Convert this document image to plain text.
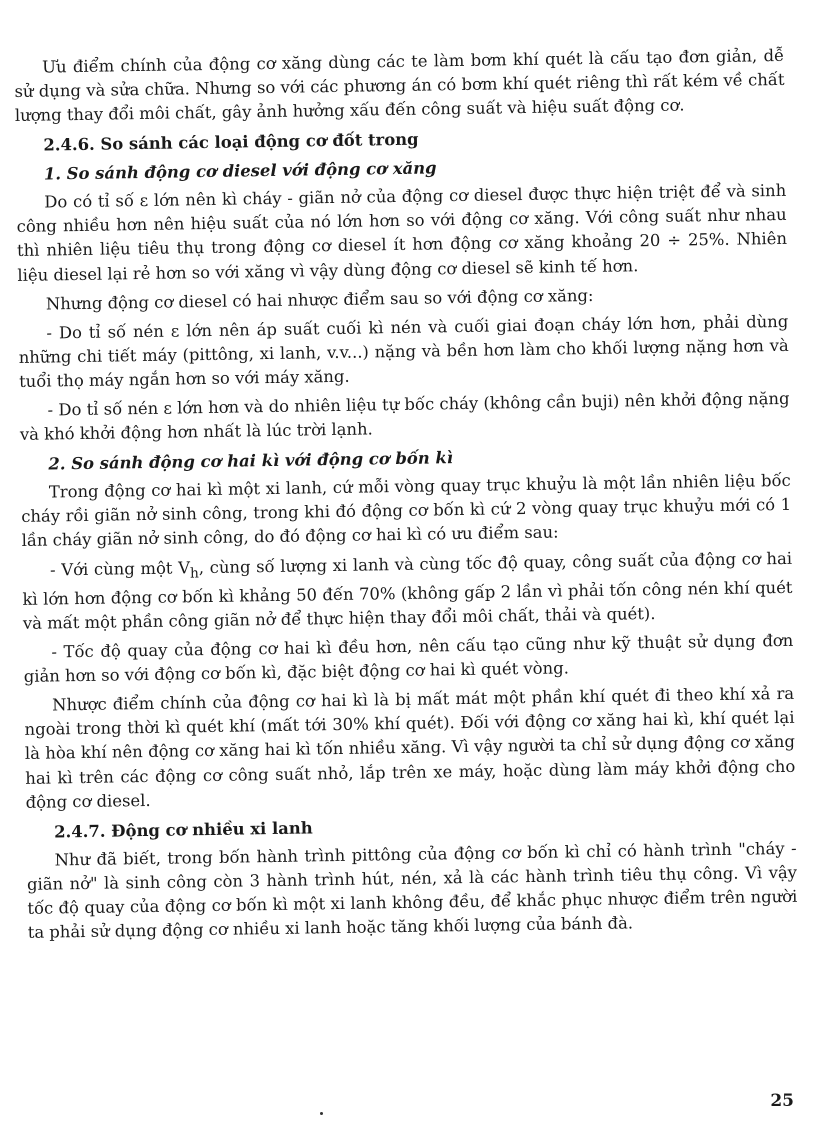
Ưu điểm chính của động cơ xăng dùng các te làm bơm khí quét là cấu tạo đơn giản, dễ sử dụng và sửa chữa. Nhưng so với các phương án có bơm khí quét riêng thì rất kém về chất lượng thay đổi môi chất, gây ảnh hưởng xấu đến công suất và hiệu suất động cơ.

2.4.6. So sánh các loại động cơ đốt trong
1. So sánh động cơ diesel với động cơ xăng

Do có tỉ số ε lớn nên kì cháy - giãn nở của động cơ diesel được thực hiện triệt để và sinh công nhiều hơn nên hiệu suất của nó lớn hơn so với động cơ xăng. Với công suất như nhau thì nhiên liệu tiêu thụ trong động cơ diesel ít hơn động cơ xăng khoảng 20 ÷ 25%. Nhiên liệu diesel lại rẻ hơn so với xăng vì vậy dùng động cơ diesel sẽ kinh tế hơn.

Nhưng động cơ diesel có hai nhược điểm sau so với động cơ xăng:

- Do tỉ số nén ε lớn nên áp suất cuối kì nén và cuối giai đoạn cháy lớn hơn, phải dùng những chi tiết máy (pittông, xi lanh, v.v...) nặng và bền hơn làm cho khối lượng nặng hơn và tuổi thọ máy ngắn hơn so với máy xăng.

- Do tỉ số nén ε lớn hơn và do nhiên liệu tự bốc cháy (không cần buji) nên khởi động nặng và khó khởi động hơn nhất là lúc trời lạnh.

2. So sánh động cơ hai kì với động cơ bốn kì

Trong động cơ hai kì một xi lanh, cứ mỗi vòng quay trục khuỷu là một lần nhiên liệu bốc cháy rồi giãn nở sinh công, trong khi đó động cơ bốn kì cứ 2 vòng quay trục khuỷu mới có 1 lần cháy giãn nở sinh công, do đó động cơ hai kì có ưu điểm sau:

- Với cùng một $V_h$, cùng số lượng xi lanh và cùng tốc độ quay, công suất của động cơ hai kì lớn hơn động cơ bốn kì khảng 50 đến 70% (không gấp 2 lần vì phải tốn công nén khí quét và mất một phần công giãn nở để thực hiện thay đổi môi chất, thải và quét).

- Tốc độ quay của động cơ hai kì đều hơn, nên cấu tạo cũng như kỹ thuật sử dụng đơn giản hơn so với động cơ bốn kì, đặc biệt động cơ hai kì quét vòng.

Nhược điểm chính của động cơ hai kì là bị mất mát một phần khí quét đi theo khí xả ra ngoài trong thời kì quét khí (mất tới 30% khí quét). Đối với động cơ xăng hai kì, khí quét lại là hòa khí nên động cơ xăng hai kì tốn nhiều xăng. Vì vậy người ta chỉ sử dụng động cơ xăng hai kì trên các động cơ công suất nhỏ, lắp trên xe máy, hoặc dùng làm máy khởi động cho động cơ diesel.

2.4.7. Động cơ nhiều xi lanh

Như đã biết, trong bốn hành trình pittông của động cơ bốn kì chỉ có hành trình "cháy - giãn nở" là sinh công còn 3 hành trình hút, nén, xả là các hành trình tiêu thụ công. Vì vậy tốc độ quay của động cơ bốn kì một xi lanh không đều, để khắc phục nhược điểm trên người ta phải sử dụng động cơ nhiều xi lanh hoặc tăng khối lượng của bánh đà.

25
